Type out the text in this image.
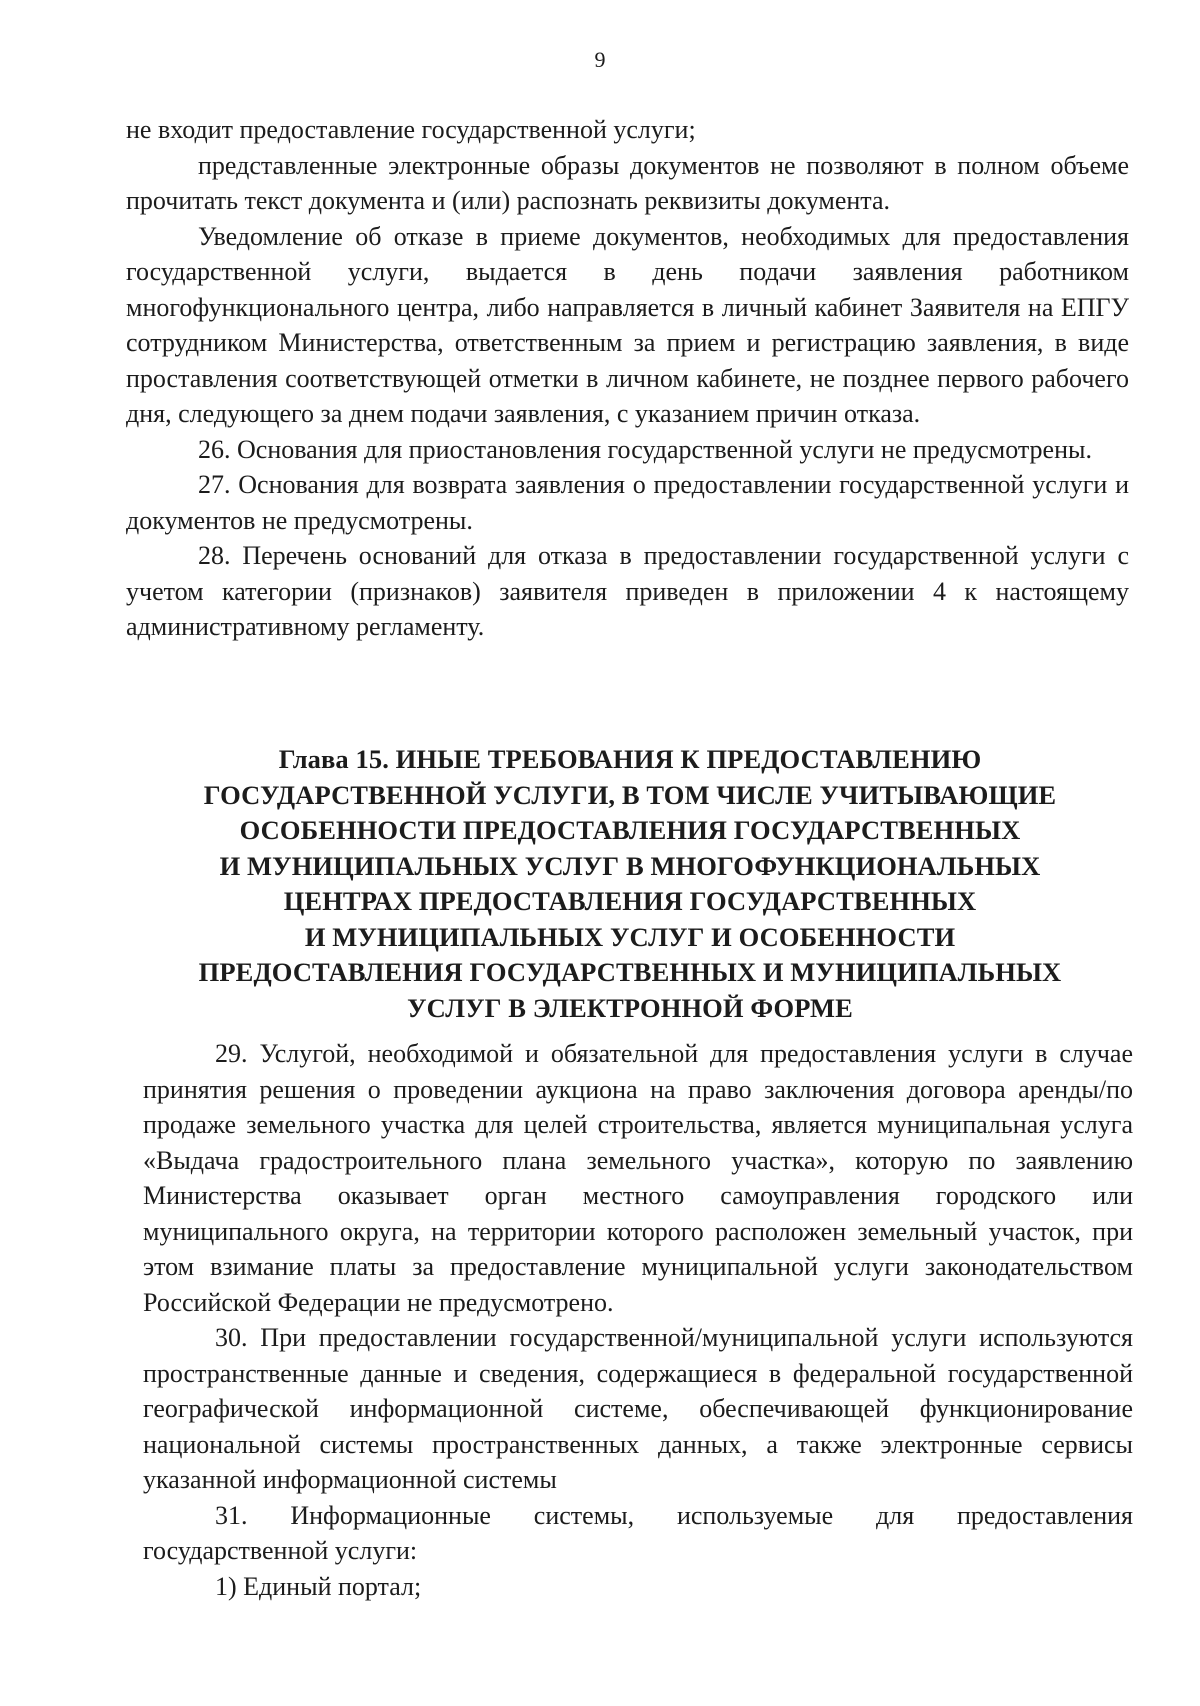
9

не входит предоставление государственной услуги;

представленные электронные образы документов не позволяют в полном объеме прочитать текст документа и (или) распознать реквизиты документа.

Уведомление об отказе в приеме документов, необходимых для предоставления государственной услуги, выдается в день подачи заявления работником многофункционального центра, либо направляется в личный кабинет Заявителя на ЕПГУ сотрудником Министерства, ответственным за прием и регистрацию заявления, в виде проставления соответствующей отметки в личном кабинете, не позднее первого рабочего дня, следующего за днем подачи заявления, с указанием причин отказа.

26. Основания для приостановления государственной услуги не предусмотрены.

27. Основания для возврата заявления о предоставлении государственной услуги и документов не предусмотрены.

28. Перечень оснований для отказа в предоставлении государственной услуги с учетом категории (признаков) заявителя приведен в приложении 4 к настоящему административному регламенту.

Глава 15. ИНЫЕ ТРЕБОВАНИЯ К ПРЕДОСТАВЛЕНИЮ
ГОСУДАРСТВЕННОЙ УСЛУГИ, В ТОМ ЧИСЛЕ УЧИТЫВАЮЩИЕ
ОСОБЕННОСТИ ПРЕДОСТАВЛЕНИЯ ГОСУДАРСТВЕННЫХ
И МУНИЦИПАЛЬНЫХ УСЛУГ В МНОГОФУНКЦИОНАЛЬНЫХ
ЦЕНТРАХ ПРЕДОСТАВЛЕНИЯ ГОСУДАРСТВЕННЫХ
И МУНИЦИПАЛЬНЫХ УСЛУГ И ОСОБЕННОСТИ
ПРЕДОСТАВЛЕНИЯ ГОСУДАРСТВЕННЫХ И МУНИЦИПАЛЬНЫХ
УСЛУГ В ЭЛЕКТРОННОЙ ФОРМЕ

29. Услугой, необходимой и обязательной для предоставления услуги в случае принятия решения о проведении аукциона на право заключения договора аренды/по продаже земельного участка для целей строительства, является муниципальная услуга «Выдача градостроительного плана земельного участка», которую по заявлению Министерства оказывает орган местного самоуправления городского или муниципального округа, на территории которого расположен земельный участок, при этом взимание платы за предоставление муниципальной услуги законодательством Российской Федерации не предусмотрено.

30. При предоставлении государственной/муниципальной услуги используются пространственные данные и сведения, содержащиеся в федеральной государственной географической информационной системе, обеспечивающей функционирование национальной системы пространственных данных, а также электронные сервисы указанной информационной системы

31. Информационные системы, используемые для предоставления государственной услуги:

1) Единый портал;
